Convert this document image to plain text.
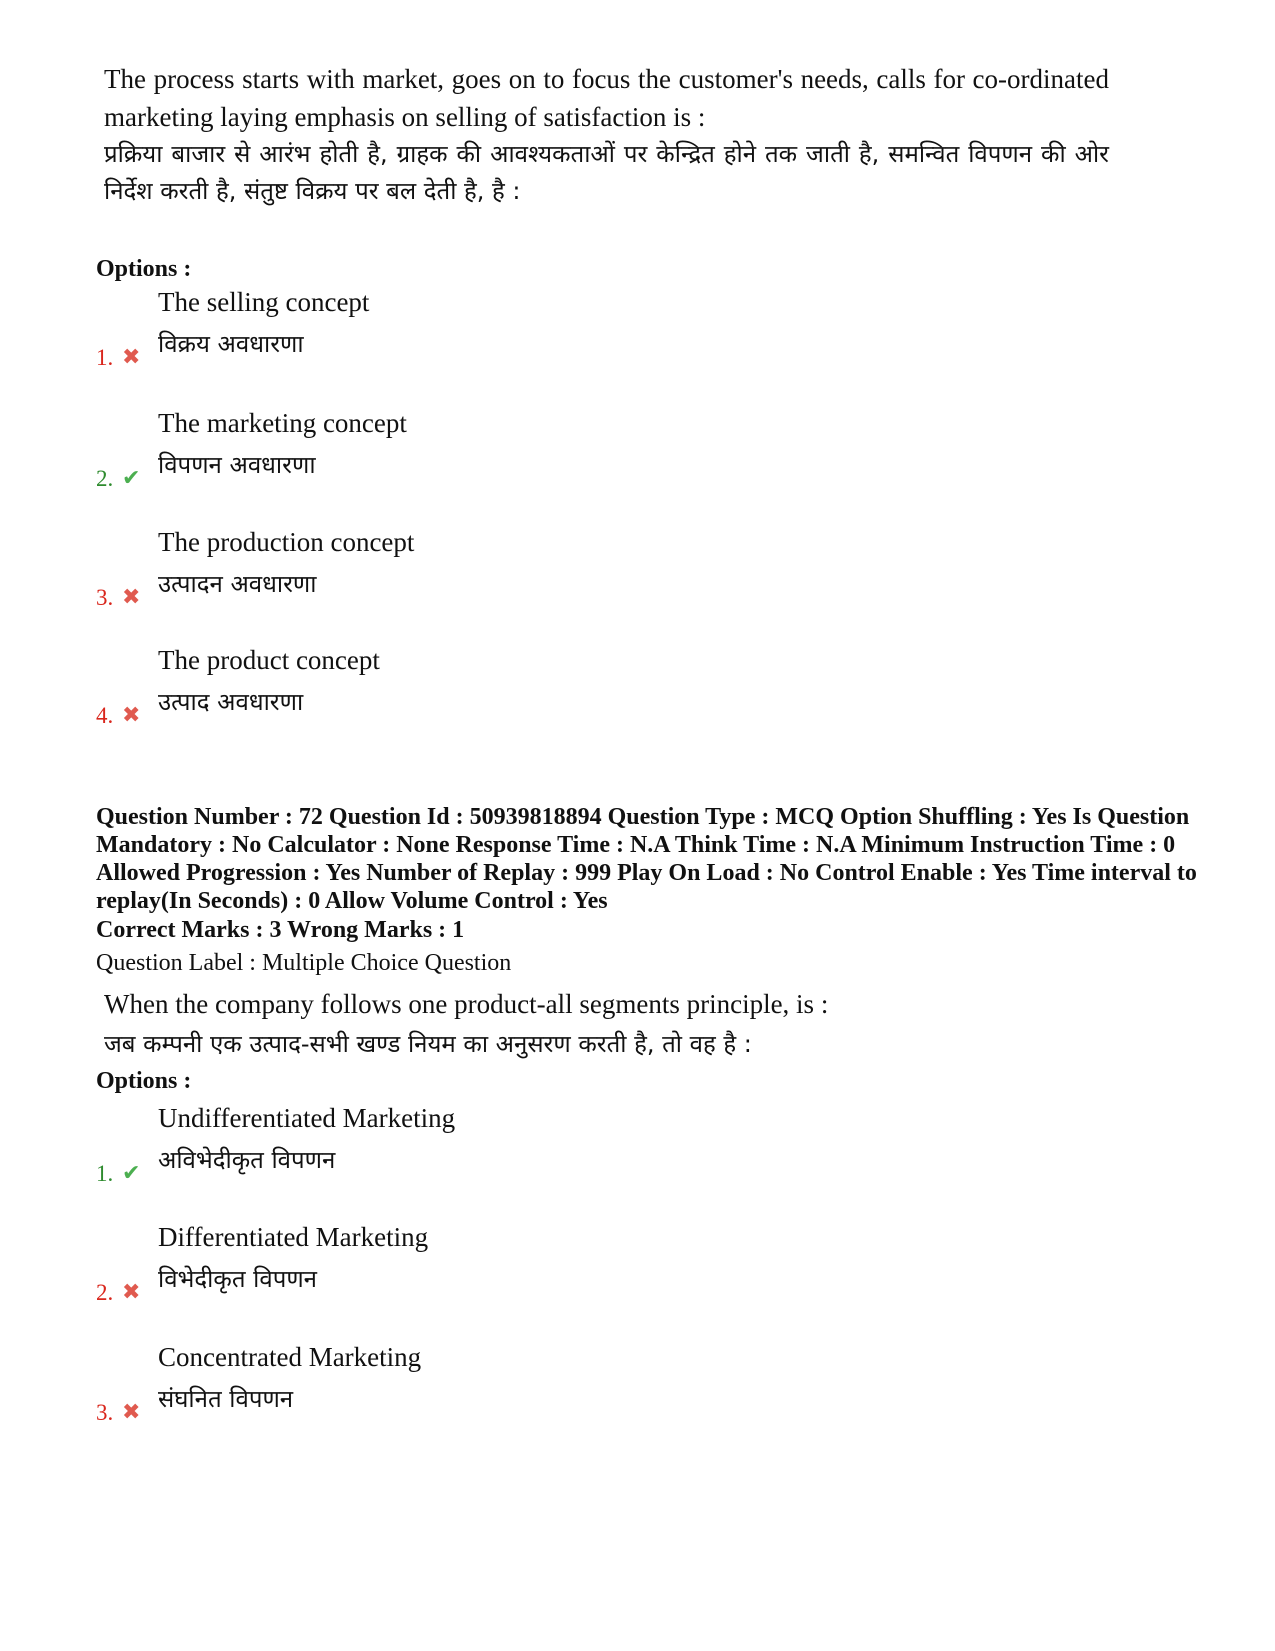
The process starts with market, goes on to focus the customer's needs, calls for co-ordinated marketing laying emphasis on selling of satisfaction is :

प्रक्रिया बाजार से आरंभ होती है, ग्राहक की आवश्यकताओं पर केन्द्रित होने तक जाती है, समन्वित विपणन की ओर निर्देश करती है, संतुष्ट विक्रय पर बल देती है, है :

Options :
The selling concept
विक्रय अवधारणा
1. ✖
The marketing concept
विपणन अवधारणा
2. ✔
The production concept
उत्पादन अवधारणा
3. ✖
The product concept
उत्पाद अवधारणा
4. ✖

Question Number : 72 Question Id : 50939818894 Question Type : MCQ Option Shuffling : Yes Is Question Mandatory : No Calculator : None Response Time : N.A Think Time : N.A Minimum Instruction Time : 0 Allowed Progression : Yes Number of Replay : 999 Play On Load : No Control Enable : Yes Time interval to replay(In Seconds) : 0 Allow Volume Control : Yes

Correct Marks : 3 Wrong Marks : 1
Question Label : Multiple Choice Question

When the company follows one product-all segments principle, is :

जब कम्पनी एक उत्पाद-सभी खण्ड नियम का अनुसरण करती है, तो वह है :

Options :
Undifferentiated Marketing
अविभेदीकृत विपणन
1. ✔
Differentiated Marketing
विभेदीकृत विपणन
2. ✖
Concentrated Marketing
संघनित विपणन
3. ✖
